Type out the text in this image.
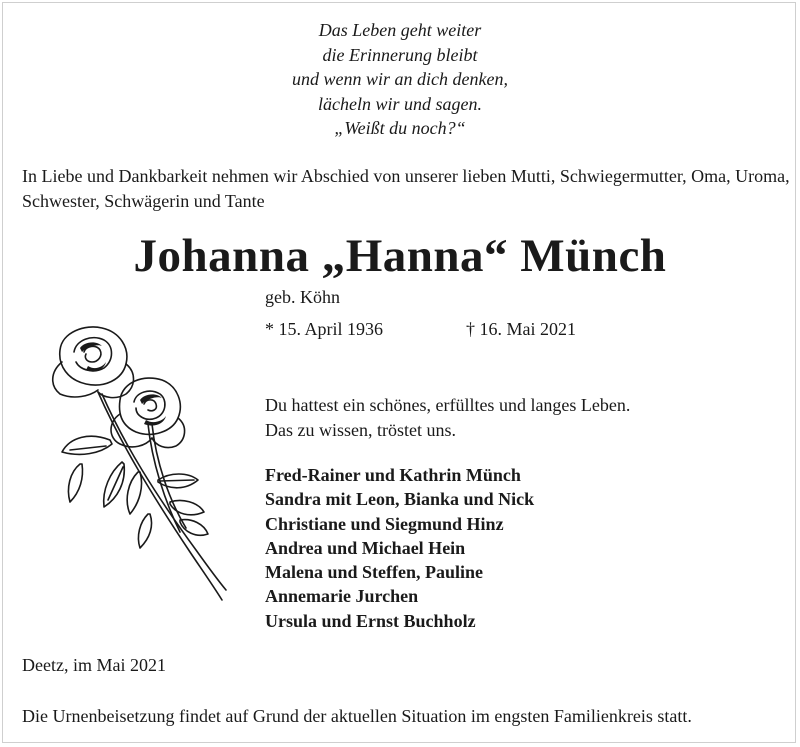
Das Leben geht weiter
die Erinnerung bleibt
und wenn wir an dich denken,
lächeln wir und sagen.
„Weißt du noch?“
In Liebe und Dankbarkeit nehmen wir Abschied von unserer lieben Mutti, Schwiegermutter, Oma, Uroma, Schwester, Schwägerin und Tante
Johanna „Hanna“ Münch
geb. Köhn
* 15. April 1936	† 16. Mai 2021
Du hattest ein schönes, erfülltes und langes Leben.
Das zu wissen, tröstet uns.
Fred-Rainer und Kathrin Münch
Sandra mit Leon, Bianka und Nick
Christiane und Siegmund Hinz
Andrea und Michael Hein
Malena und Steffen, Pauline
Annemarie Jurchen
Ursula und Ernst Buchholz
Deetz, im Mai 2021
Die Urnenbeisetzung findet auf Grund der aktuellen Situation im engsten Familienkreis statt.
